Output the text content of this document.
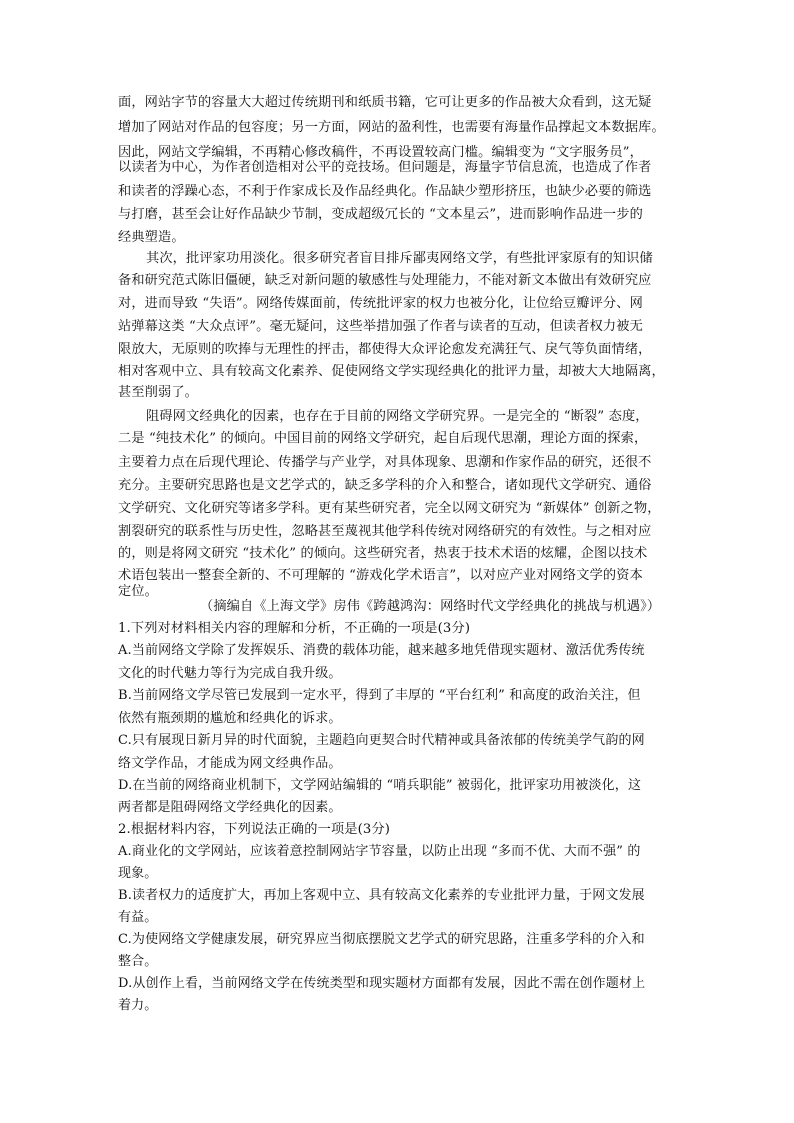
面，网站字节的容量大大超过传统期刊和纸质书籍，它可让更多的作品被大众看到，这无疑
增加了网站对作品的包容度；另一方面，网站的盈利性，也需要有海量作品撑起文本数据库。
因此，网站文学编辑，不再精心修改稿件，不再设置较高门槛。编辑变为 “文字服务员”，
以读者为中心，为作者创造相对公平的竞技场。但问题是，海量字节信息流，也造成了作者
和读者的浮躁心态，不利于作家成长及作品经典化。作品缺少塑形挤压，也缺少必要的筛选
与打磨，甚至会让好作品缺少节制，变成超级冗长的 “文本星云”，进而影响作品进一步的
经典塑造。
其次，批评家功用淡化。很多研究者盲目排斥鄙夷网络文学，有些批评家原有的知识储
备和研究范式陈旧僵硬，缺乏对新问题的敏感性与处理能力，不能对新文本做出有效研究应
对，进而导致 “失语”。网络传媒面前，传统批评家的权力也被分化，让位给豆瓣评分、网
站弹幕这类 “大众点评”。毫无疑问，这些举措加强了作者与读者的互动，但读者权力被无
限放大，无原则的吹捧与无理性的抨击，都使得大众评论愈发充满狂气、戾气等负面情绪，
相对客观中立、具有较高文化素养、促使网络文学实现经典化的批评力量，却被大大地隔离，
甚至削弱了。
阻碍网文经典化的因素，也存在于目前的网络文学研究界。一是完全的 “断裂” 态度，
二是 “纯技术化” 的倾向。中国目前的网络文学研究，起自后现代思潮，理论方面的探索，
主要着力点在后现代理论、传播学与产业学，对具体现象、思潮和作家作品的研究，还很不
充分。主要研究思路也是文艺学式的，缺乏多学科的介入和整合，诸如现代文学研究、通俗
文学研究、文化研究等诸多学科。更有某些研究者，完全以网文研究为 “新媒体” 创新之物，
割裂研究的联系性与历史性，忽略甚至蔑视其他学科传统对网络研究的有效性。与之相对应
的，则是将网文研究 “技术化” 的倾向。这些研究者，热衷于技术术语的炫耀，企图以技术
术语包装出一整套全新的、不可理解的 “游戏化学术语言”，以对应产业对网络文学的资本
定位。
（摘编自《上海文学》房伟《跨越鸿沟：网络时代文学经典化的挑战与机遇》）
1.下列对材料相关内容的理解和分析，不正确的一项是(3分)
A.当前网络文学除了发挥娱乐、消费的载体功能，越来越多地凭借现实题材、激活优秀传统
文化的时代魅力等行为完成自我升级。
B.当前网络文学尽管已发展到一定水平，得到了丰厚的 “平台红利” 和高度的政治关注，但
依然有瓶颈期的尴尬和经典化的诉求。
C.只有展现日新月异的时代面貌，主题趋向更契合时代精神或具备浓郁的传统美学气韵的网
络文学作品，才能成为网文经典作品。
D.在当前的网络商业机制下，文学网站编辑的 “哨兵职能” 被弱化，批评家功用被淡化，这
两者都是阻碍网络文学经典化的因素。
2.根据材料内容，下列说法正确的一项是(3分)
A.商业化的文学网站，应该着意控制网站字节容量，以防止出现 “多而不优、大而不强” 的
现象。
B.读者权力的适度扩大，再加上客观中立、具有较高文化素养的专业批评力量，于网文发展
有益。
C.为使网络文学健康发展，研究界应当彻底摆脱文艺学式的研究思路，注重多学科的介入和
整合。
D.从创作上看，当前网络文学在传统类型和现实题材方面都有发展，因此不需在创作题材上
着力。
